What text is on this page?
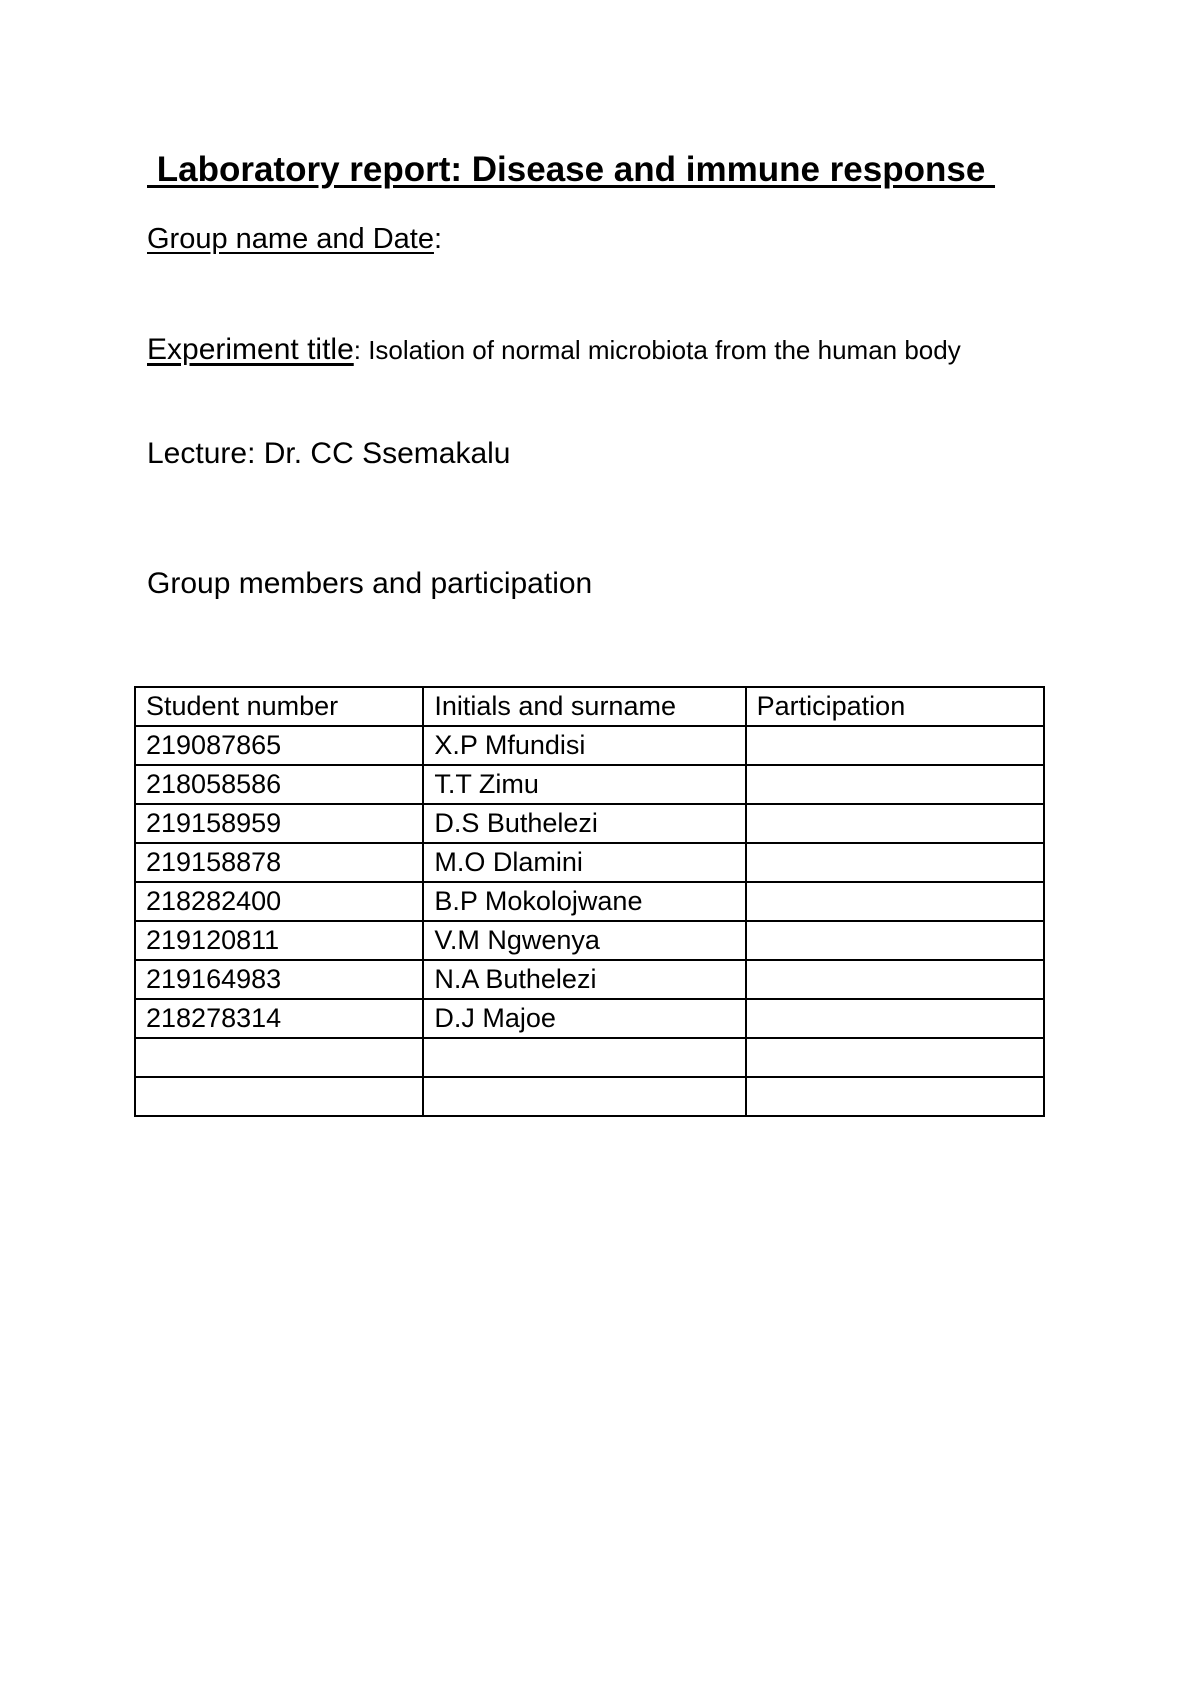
Laboratory report: Disease and immune response

Group name and Date:

Experiment title: Isolation of normal microbiota from the human body

Lecture: Dr. CC Ssemakalu

Group members and participation

Student number	Initials and surname	Participation
219087865	X.P Mfundisi	
218058586	T.T Zimu	
219158959	D.S Buthelezi	
219158878	M.O Dlamini	
218282400	B.P Mokolojwane	
219120811	V.M Ngwenya	
219164983	N.A Buthelezi	
218278314	D.J Majoe	
